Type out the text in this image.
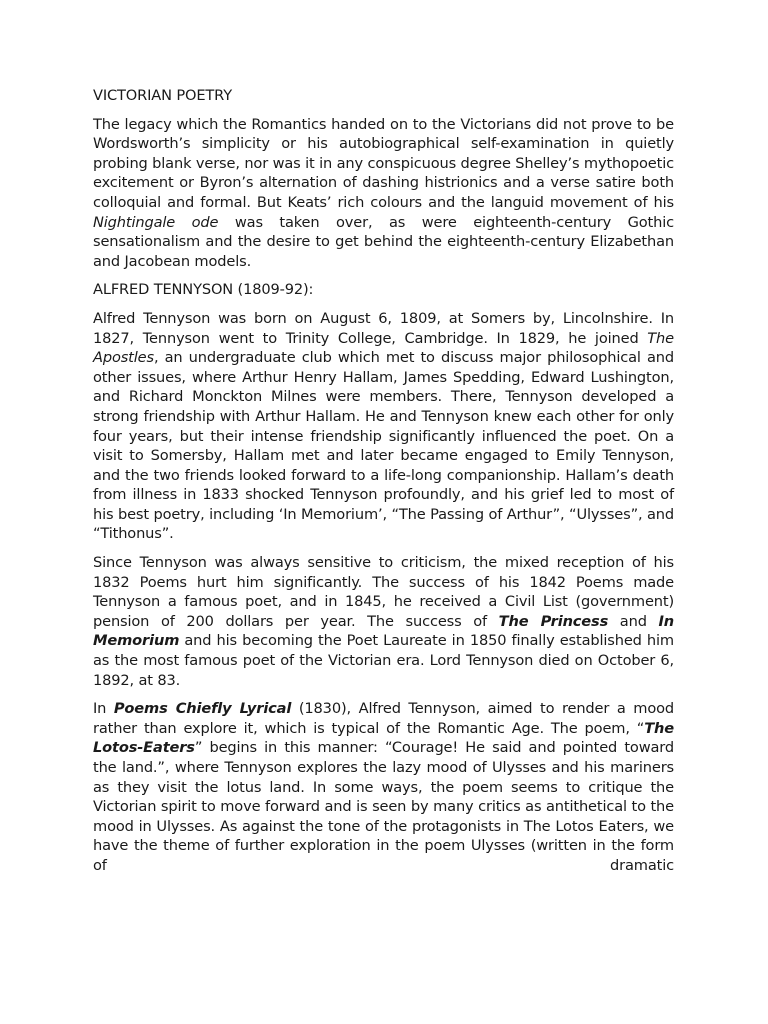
VICTORIAN POETRY

The legacy which the Romantics handed on to the Victorians did not prove to be Wordsworth’s simplicity or his autobiographical self-examination in quietly probing blank verse, nor was it in any conspicuous degree Shelley’s mythopoetic excitement or Byron’s alternation of dashing histrionics and a verse satire both colloquial and formal. But Keats’ rich colours and the languid movement of his Nightingale ode was taken over, as were eighteenth-century Gothic sensationalism and the desire to get behind the eighteenth-century Elizabethan and Jacobean models.

ALFRED TENNYSON (1809-92):

Alfred Tennyson was born on August 6, 1809, at Somers by, Lincolnshire. In 1827, Tennyson went to Trinity College, Cambridge. In 1829, he joined The Apostles, an undergraduate club which met to discuss major philosophical and other issues, where Arthur Henry Hallam, James Spedding, Edward Lushington, and Richard Monckton Milnes were members. There, Tennyson developed a strong friendship with Arthur Hallam. He and Tennyson knew each other for only four years, but their intense friendship significantly influenced the poet. On a visit to Somersby, Hallam met and later became engaged to Emily Tennyson, and the two friends looked forward to a life-long companionship. Hallam’s death from illness in 1833 shocked Tennyson profoundly, and his grief led to most of his best poetry, including ‘In Memorium’, “The Passing of Arthur”, “Ulysses”, and “Tithonus”.

Since Tennyson was always sensitive to criticism, the mixed reception of his 1832 Poems hurt him significantly. The success of his 1842 Poems made Tennyson a famous poet, and in 1845, he received a Civil List (government) pension of 200 dollars per year. The success of The Princess and In Memorium and his becoming the Poet Laureate in 1850 finally established him as the most famous poet of the Victorian era. Lord Tennyson died on October 6, 1892, at 83.

In Poems Chiefly Lyrical (1830), Alfred Tennyson, aimed to render a mood rather than explore it, which is typical of the Romantic Age. The poem, “The Lotos-Eaters” begins in this manner: “Courage! He said and pointed toward the land.”, where Tennyson explores the lazy mood of Ulysses and his mariners as they visit the lotus land. In some ways, the poem seems to critique the Victorian spirit to move forward and is seen by many critics as antithetical to the mood in Ulysses. As against the tone of the protagonists in The Lotos Eaters, we have the theme of further exploration in the poem Ulysses (written in the form of dramatic
